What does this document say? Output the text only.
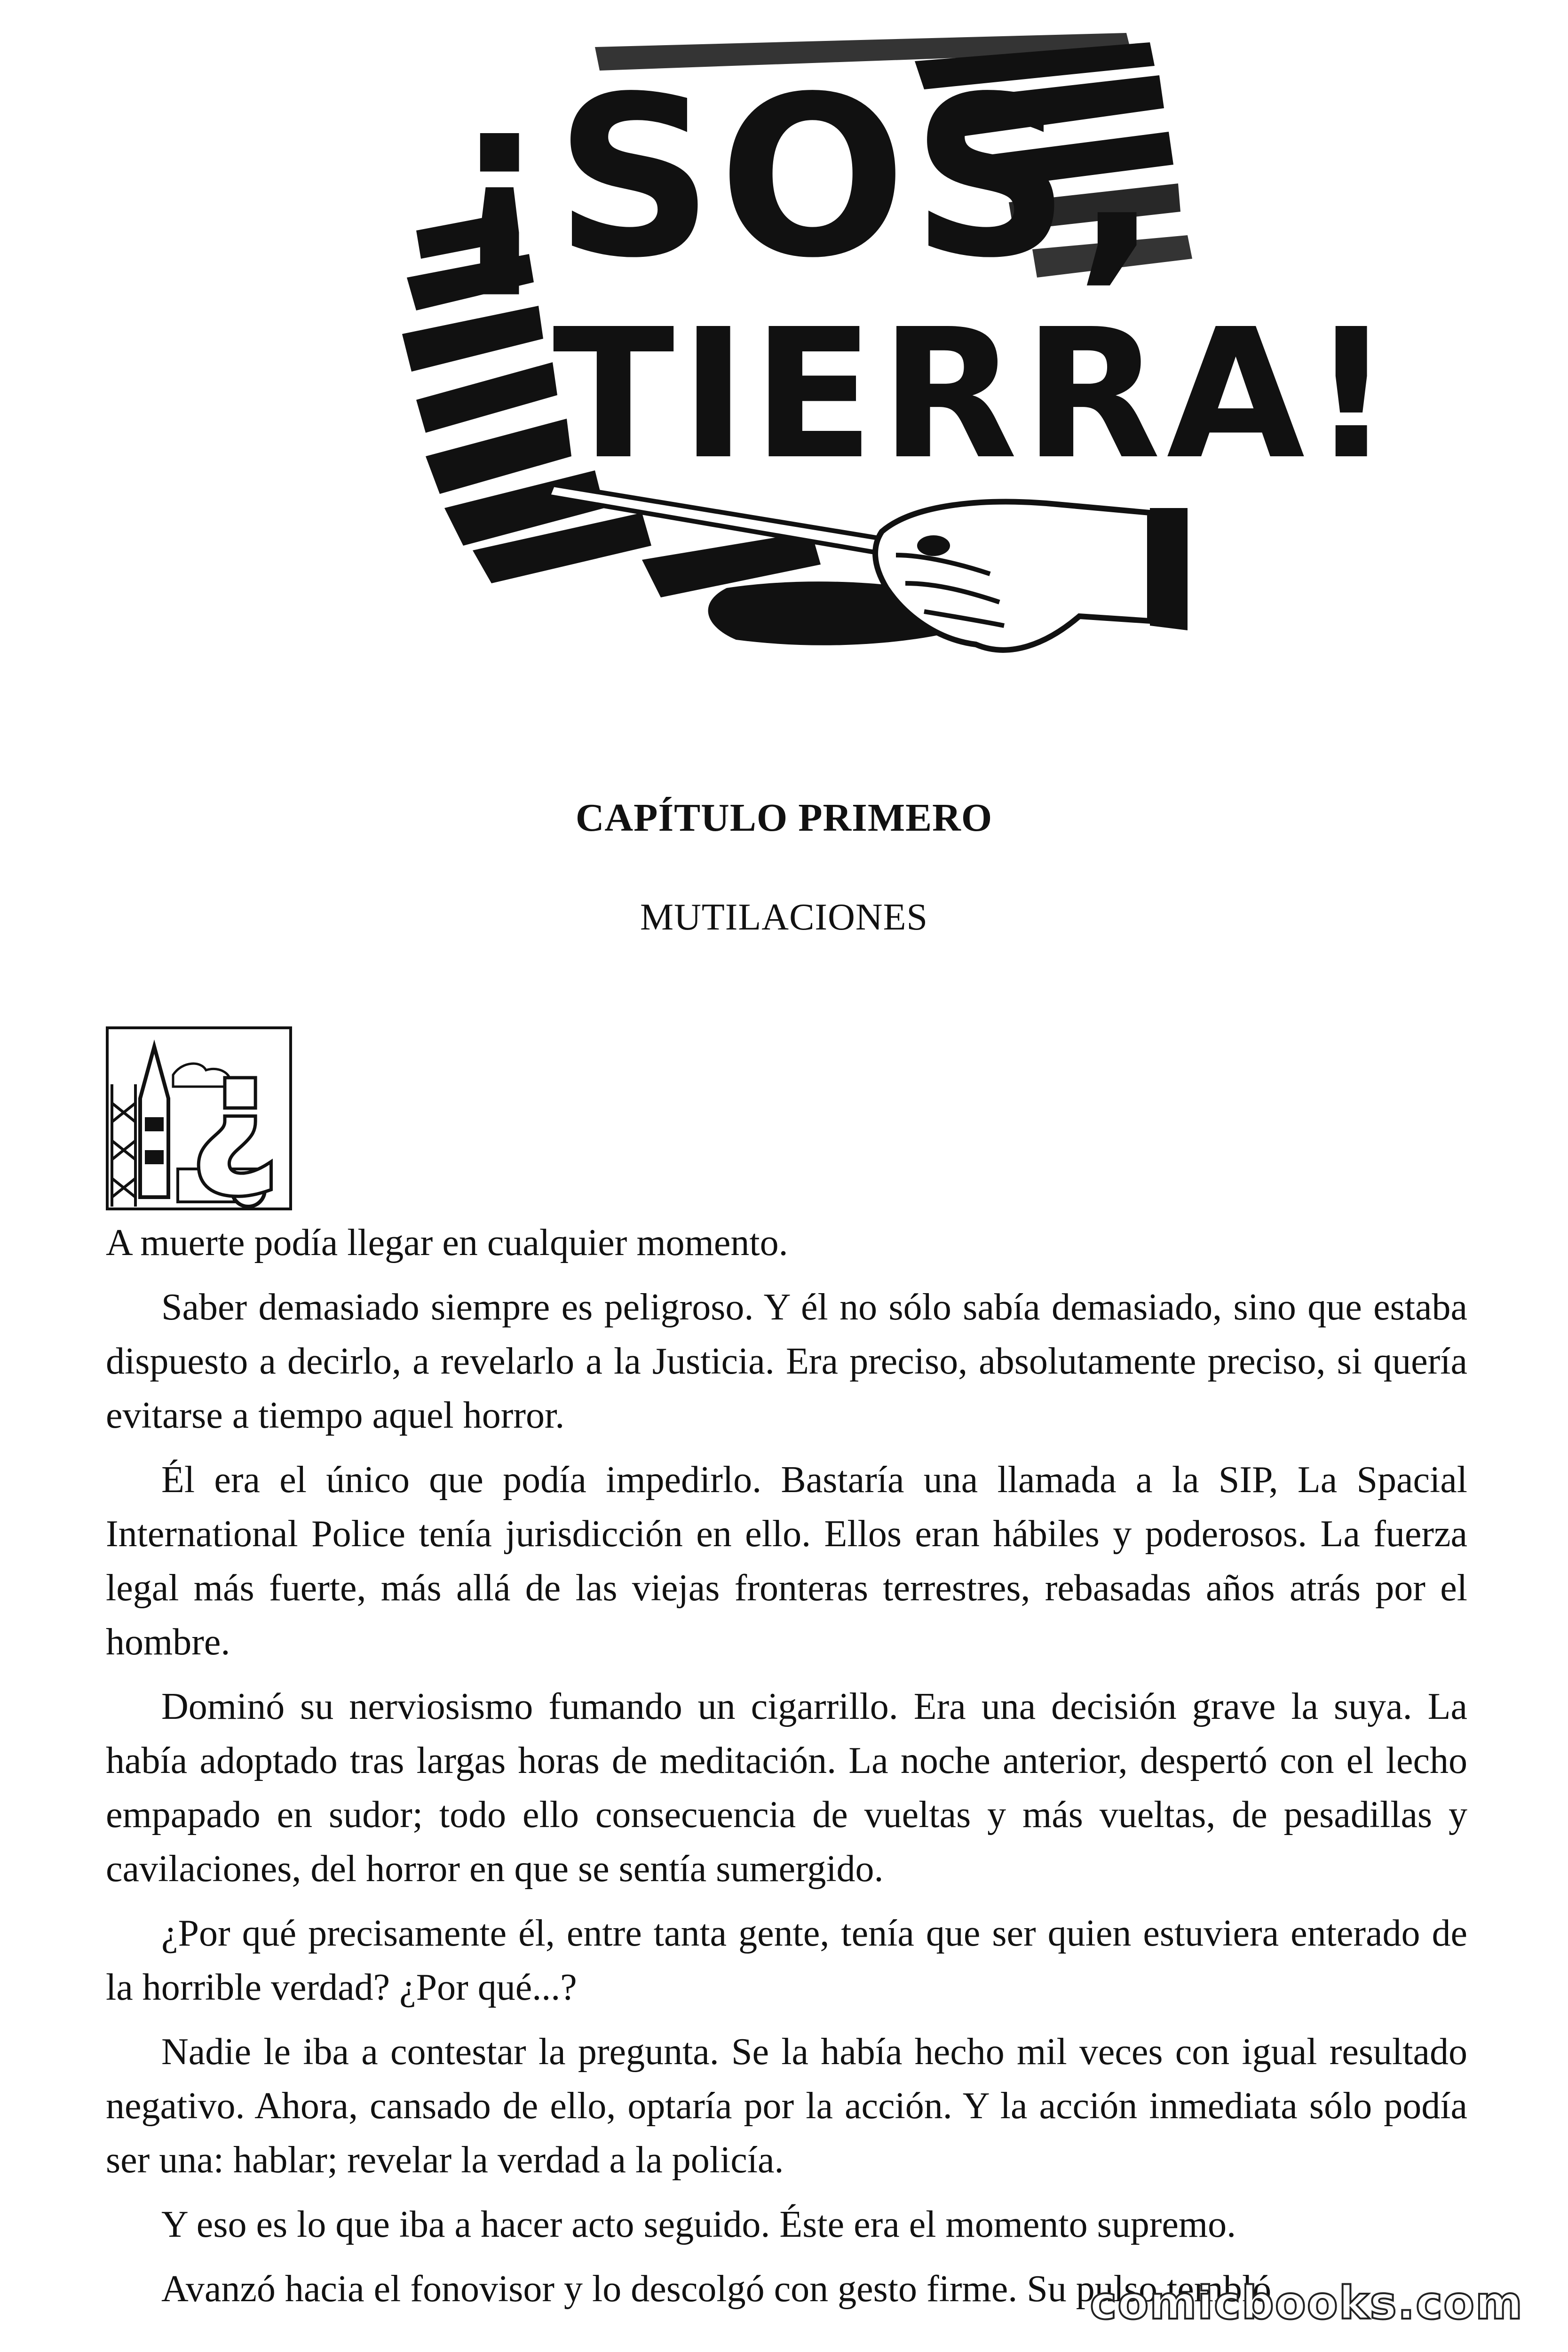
¡SOS,
TIERRA!
CAPÍTULO PRIMERO
MUTILACIONES
¿

A muerte podía llegar en cualquier momento.

Saber demasiado siempre es peligroso. Y él no sólo sabía demasiado, sino que estaba dispuesto a decirlo, a revelarlo a la Justicia. Era preciso, absolutamente preciso, si quería evitarse a tiempo aquel horror.

Él era el único que podía impedirlo. Bastaría una llamada a la SIP, La Spacial International Police tenía jurisdicción en ello. Ellos eran hábiles y poderosos. La fuerza legal más fuerte, más allá de las viejas fronteras terrestres, rebasadas años atrás por el hombre.

Dominó su nerviosismo fumando un cigarrillo. Era una decisión grave la suya. La había adoptado tras largas horas de meditación. La noche anterior, despertó con el lecho empapado en sudor; todo ello consecuencia de vueltas y más vueltas, de pesadillas y cavilaciones, del horror en que se sentía sumergido.

¿Por qué precisamente él, entre tanta gente, tenía que ser quien estuviera enterado de la horrible verdad? ¿Por qué...?

Nadie le iba a contestar la pregunta. Se la había hecho mil veces con igual resultado negativo. Ahora, cansado de ello, optaría por la acción. Y la acción inmediata sólo podía ser una: hablar; revelar la verdad a la policía.

Y eso es lo que iba a hacer acto seguido. Éste era el momento supremo.

Avanzó hacia el fonovisor y lo descolgó con gesto firme. Su pulso tembló

comicbooks.com
